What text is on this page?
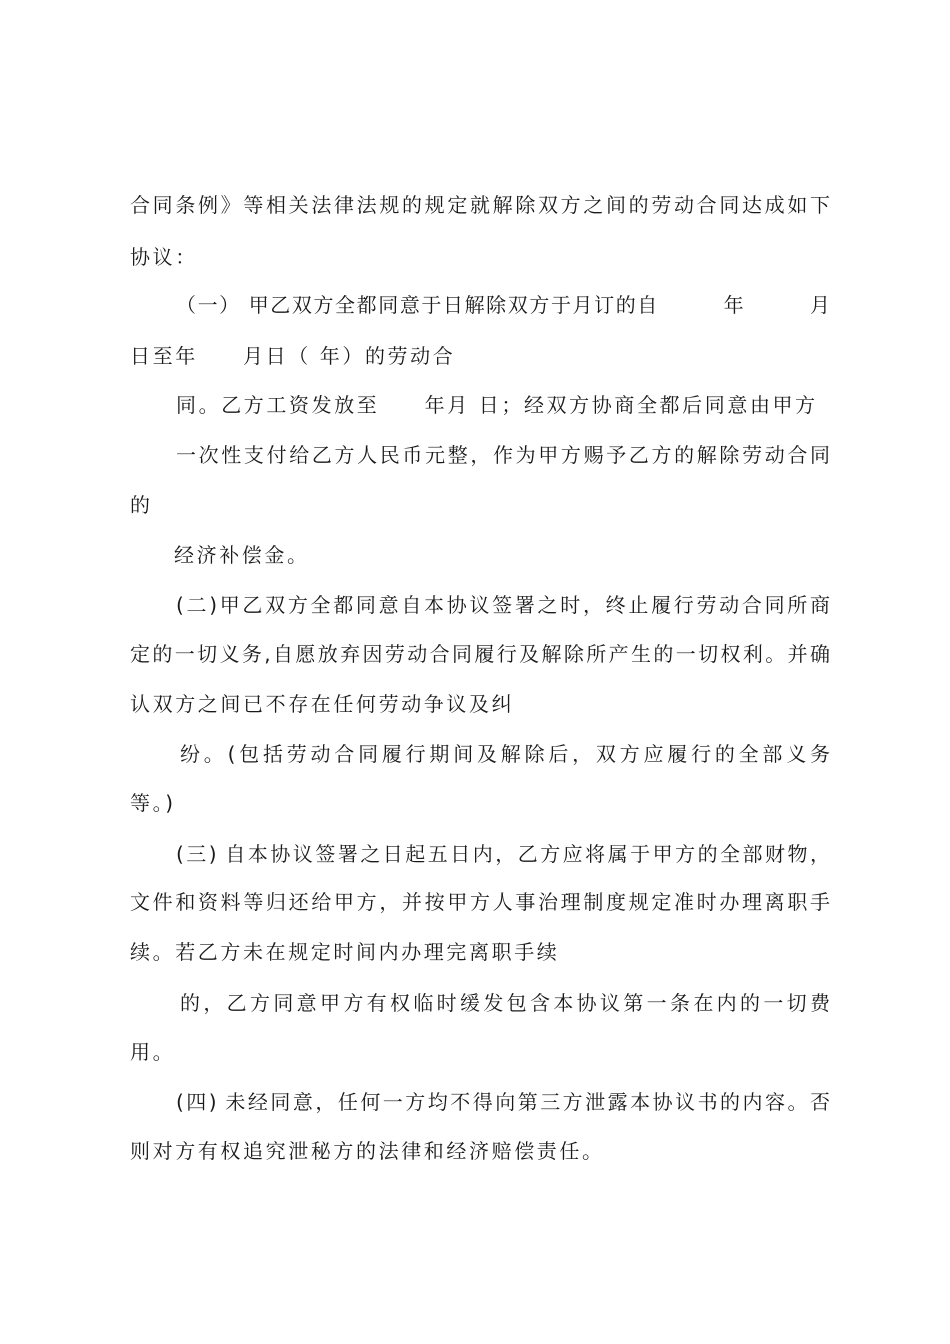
合同条例》等相关法律法规的规定就解除双方之间的劳动合同达成如下
协议：
（一） 甲乙双方全都同意于日解除双方于月订的自　　　年　　　月
日至年　　月日（ 年）的劳动合
同。乙方工资发放至　　年月 日；经双方协商全都后同意由甲方
一次性支付给乙方人民币元整，作为甲方赐予乙方的解除劳动合同
的
经济补偿金。
(二)甲乙双方全都同意自本协议签署之时，终止履行劳动合同所商
定的一切义务,自愿放弃因劳动合同履行及解除所产生的一切权利。并确
认双方之间已不存在任何劳动争议及纠
纷。(包括劳动合同履行期间及解除后，双方应履行的全部义务
等。)
(三) 自本协议签署之日起五日内，乙方应将属于甲方的全部财物，
文件和资料等归还给甲方，并按甲方人事治理制度规定准时办理离职手
续。若乙方未在规定时间内办理完离职手续
的，乙方同意甲方有权临时缓发包含本协议第一条在内的一切费
用。
(四) 未经同意，任何一方均不得向第三方泄露本协议书的内容。否
则对方有权追究泄秘方的法律和经济赔偿责任。
